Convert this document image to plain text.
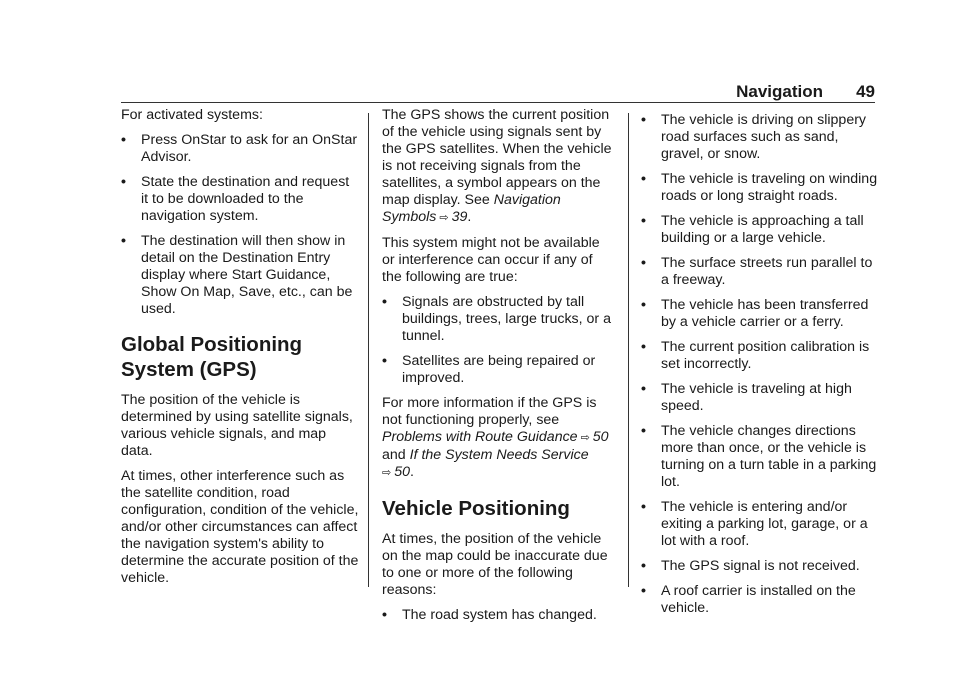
Navigation 49

For activated systems:

•	Press OnStar to ask for an OnStar Advisor.
•	State the destination and request it to be downloaded to the navigation system.
•	The destination will then show in detail on the Destination Entry display where Start Guidance, Show On Map, Save, etc., can be used.
Global Positioning
System (GPS)

The position of the vehicle is determined by using satellite signals, various vehicle signals, and map data.

At times, other interference such as the satellite condition, road configuration, condition of the vehicle, and/or other circumstances can affect the navigation system's ability to determine the accurate position of the vehicle.

The GPS shows the current position of the vehicle using signals sent by the GPS satellites. When the vehicle is not receiving signals from the satellites, a symbol appears on the map display. See Navigation Symbols ⇨ 39.

This system might not be available or interference can occur if any of the following are true:

•	Signals are obstructed by tall buildings, trees, large trucks, or a tunnel.
•	Satellites are being repaired or improved.

For more information if the GPS is not functioning properly, see Problems with Route Guidance ⇨ 50 and If the System Needs Service
⇨ 50.

Vehicle Positioning

At times, the position of the vehicle on the map could be inaccurate due to one or more of the following reasons:

•	The road system has changed.
•	The vehicle is driving on slippery road surfaces such as sand, gravel, or snow.
•	The vehicle is traveling on winding roads or long straight roads.
•	The vehicle is approaching a tall building or a large vehicle.
•	The surface streets run parallel to a freeway.
•	The vehicle has been transferred by a vehicle carrier or a ferry.
•	The current position calibration is set incorrectly.
•	The vehicle is traveling at high speed.
•	The vehicle changes directions more than once, or the vehicle is turning on a turn table in a parking lot.
•	The vehicle is entering and/or exiting a parking lot, garage, or a lot with a roof.
•	The GPS signal is not received.
•	A roof carrier is installed on the vehicle.
